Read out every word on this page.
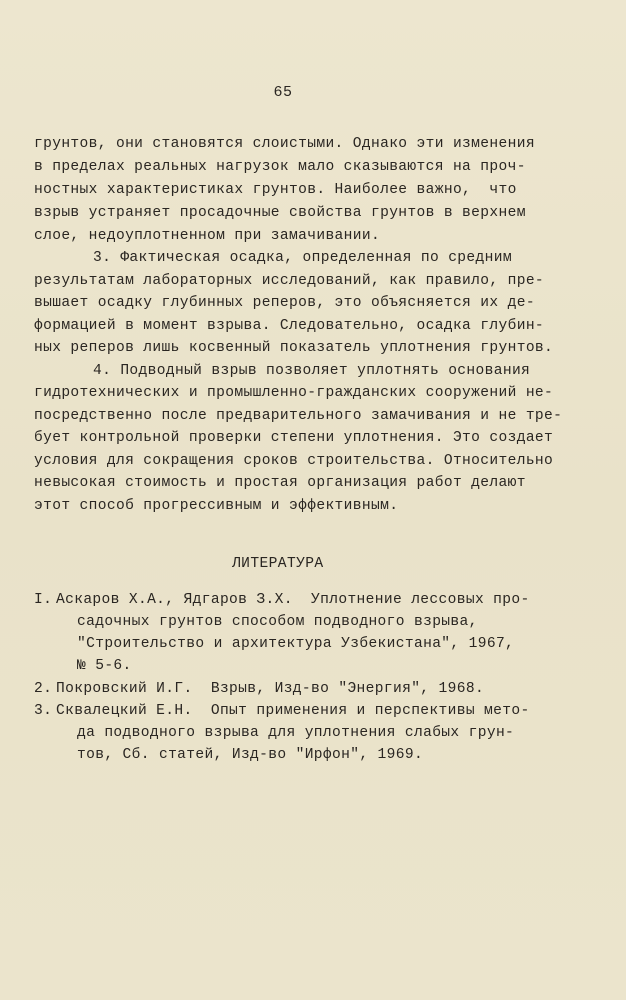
65
грунтов, они становятся слоистыми. Однако эти изменения
в пределах реальных нагрузок мало сказываются на проч-
ностных характеристиках грунтов. Наиболее важно,  что
взрыв устраняет просадочные свойства грунтов в верхнем
слое, недоуплотненном при замачивании.
3. Фактическая осадка, определенная по средним
результатам лабораторных исследований, как правило, пре-
вышает осадку глубинных реперов, это объясняется их де-
формацией в момент взрыва. Следовательно, осадка глубин-
ных реперов лишь косвенный показатель уплотнения грунтов.
4. Подводный взрыв позволяет уплотнять основания
гидротехнических и промышленно-гражданских сооружений не-
посредственно после предварительного замачивания и не тре-
бует контрольной проверки степени уплотнения. Это создает
условия для сокращения сроков строительства. Относительно
невысокая стоимость и простая организация работ делают
этот способ прогрессивным и эффективным.
ЛИТЕРАТУРА
I. Аскаров Х.А., Ядгаров З.Х.  Уплотнение лессовых про-
садочных грунтов способом подводного взрыва,
"Строительство и архитектура Узбекистана", 1967,
№ 5-6.
2. Покровский И.Г.  Взрыв, Изд-во "Энергия", 1968.
3. Сквалецкий Е.Н.  Опыт применения и перспективы мето-
да подводного взрыва для уплотнения слабых грун-
тов, Сб. статей, Изд-во "Ирфон", 1969.
